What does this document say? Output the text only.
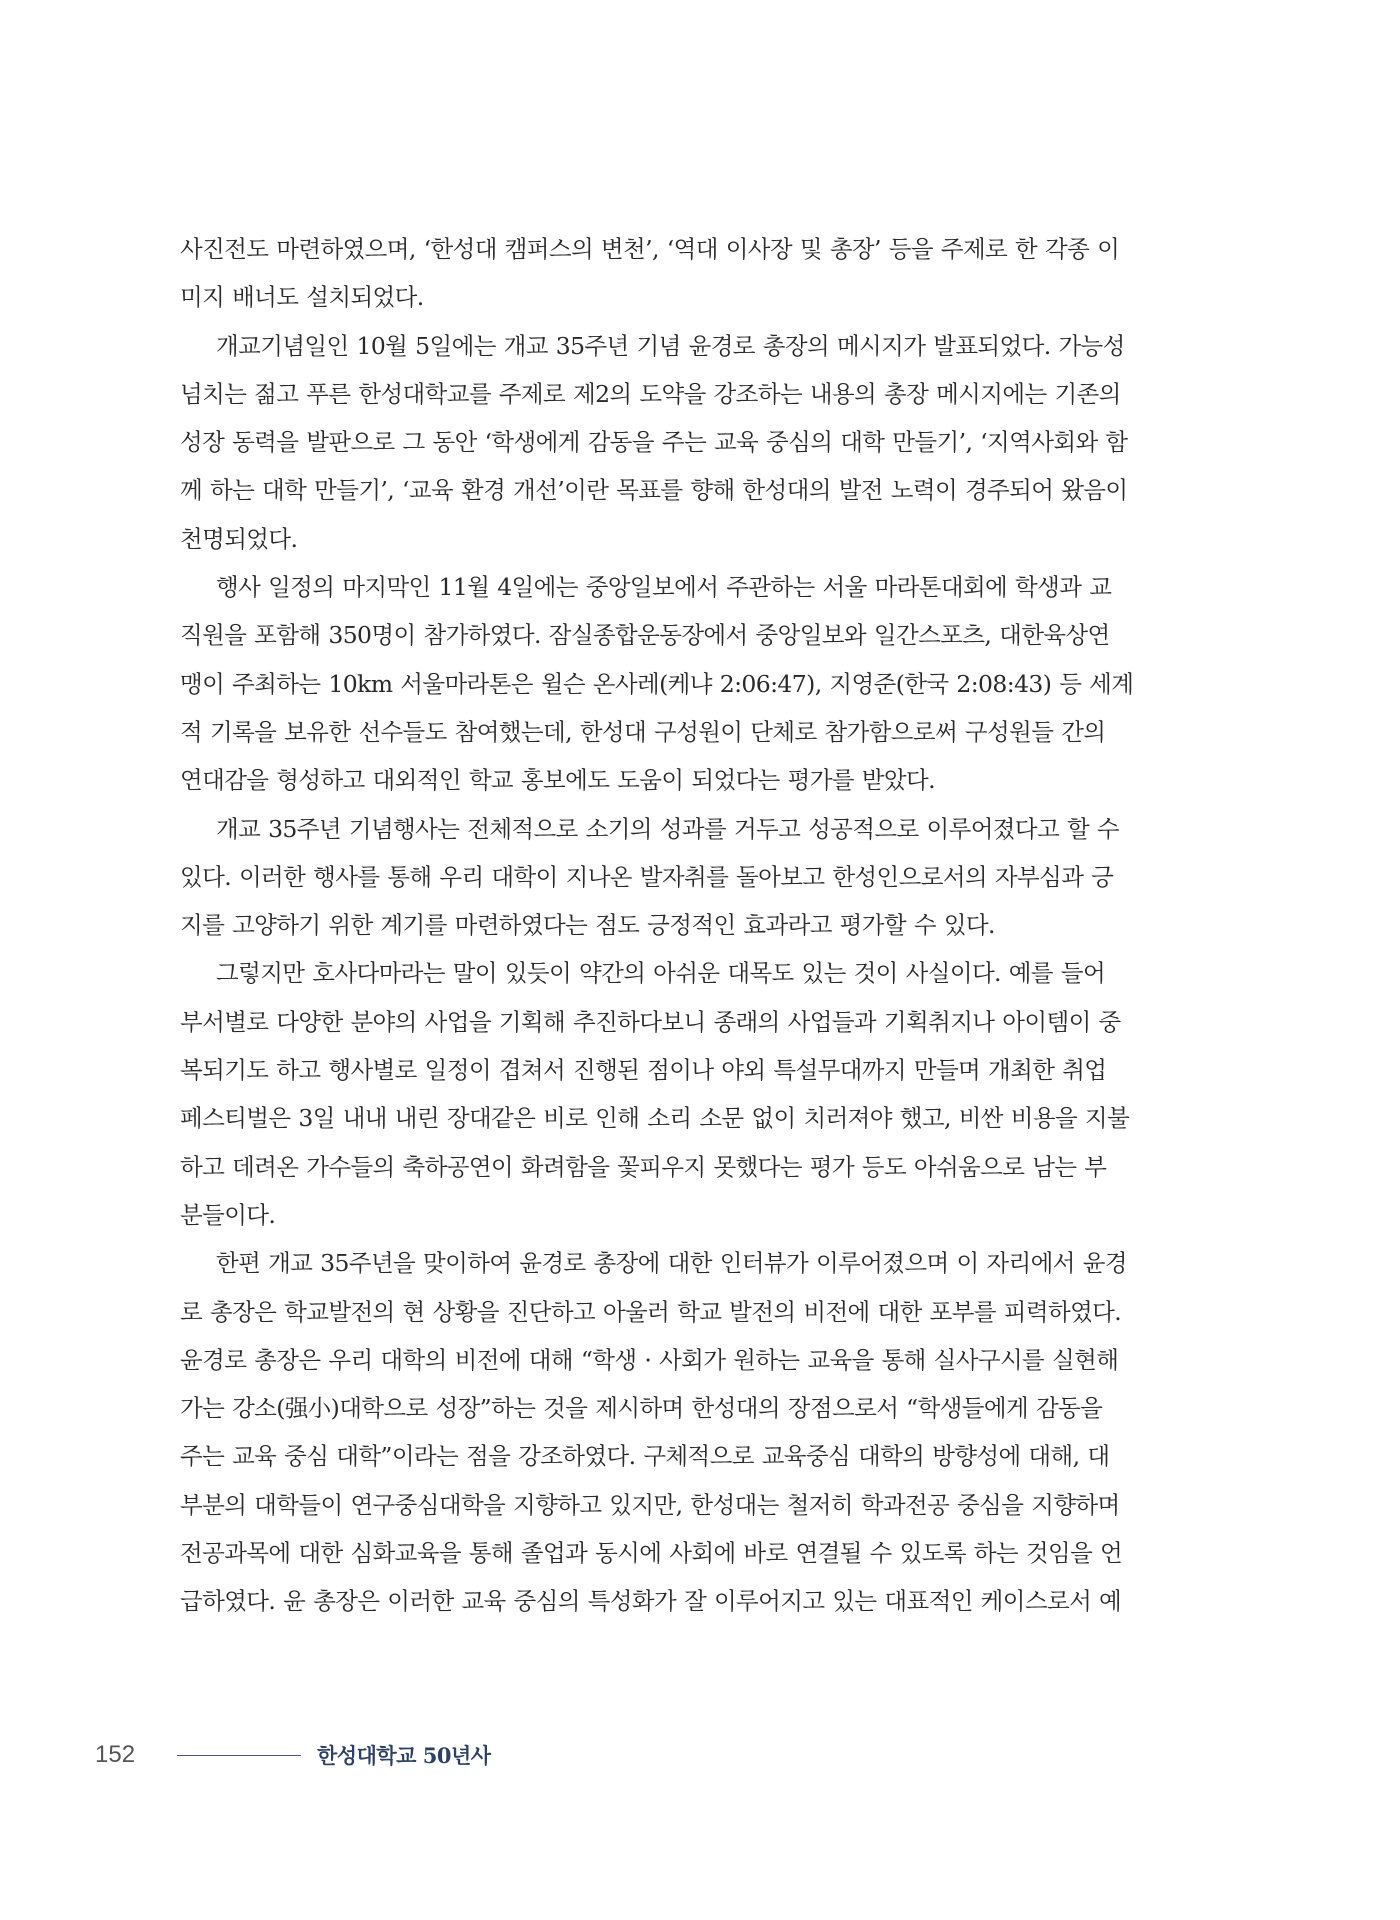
사진전도 마련하였으며, ‘한성대 캠퍼스의 변천’, ‘역대 이사장 및 총장’ 등을 주제로 한 각종 이
미지 배너도 설치되었다.

개교기념일인 10월 5일에는 개교 35주년 기념 윤경로 총장의 메시지가 발표되었다. 가능성
넘치는 젊고 푸른 한성대학교를 주제로 제2의 도약을 강조하는 내용의 총장 메시지에는 기존의
성장 동력을 발판으로 그 동안 ‘학생에게 감동을 주는 교육 중심의 대학 만들기’, ‘지역사회와 함
께 하는 대학 만들기’, ‘교육 환경 개선’이란 목표를 향해 한성대의 발전 노력이 경주되어 왔음이
천명되었다.

행사 일정의 마지막인 11월 4일에는 중앙일보에서 주관하는 서울 마라톤대회에 학생과 교
직원을 포함해 350명이 참가하였다. 잠실종합운동장에서 중앙일보와 일간스포츠, 대한육상연
맹이 주최하는 10km 서울마라톤은 윌슨 온사레(케냐 2:06:47), 지영준(한국 2:08:43) 등 세계
적 기록을 보유한 선수들도 참여했는데, 한성대 구성원이 단체로 참가함으로써 구성원들 간의
연대감을 형성하고 대외적인 학교 홍보에도 도움이 되었다는 평가를 받았다.

개교 35주년 기념행사는 전체적으로 소기의 성과를 거두고 성공적으로 이루어졌다고 할 수
있다. 이러한 행사를 통해 우리 대학이 지나온 발자취를 돌아보고 한성인으로서의 자부심과 긍
지를 고양하기 위한 계기를 마련하였다는 점도 긍정적인 효과라고 평가할 수 있다.

그렇지만 호사다마라는 말이 있듯이 약간의 아쉬운 대목도 있는 것이 사실이다. 예를 들어
부서별로 다양한 분야의 사업을 기획해 추진하다보니 종래의 사업들과 기획취지나 아이템이 중
복되기도 하고 행사별로 일정이 겹쳐서 진행된 점이나 야외 특설무대까지 만들며 개최한 취업
페스티벌은 3일 내내 내린 장대같은 비로 인해 소리 소문 없이 치러져야 했고, 비싼 비용을 지불
하고 데려온 가수들의 축하공연이 화려함을 꽃피우지 못했다는 평가 등도 아쉬움으로 남는 부
분들이다.

한편 개교 35주년을 맞이하여 윤경로 총장에 대한 인터뷰가 이루어졌으며 이 자리에서 윤경
로 총장은 학교발전의 현 상황을 진단하고 아울러 학교 발전의 비전에 대한 포부를 피력하였다.
윤경로 총장은 우리 대학의 비전에 대해 “학생 · 사회가 원하는 교육을 통해 실사구시를 실현해
가는 강소(强小)대학으로 성장”하는 것을 제시하며 한성대의 장점으로서 “학생들에게 감동을
주는 교육 중심 대학”이라는 점을 강조하였다. 구체적으로 교육중심 대학의 방향성에 대해, 대
부분의 대학들이 연구중심대학을 지향하고 있지만, 한성대는 철저히 학과전공 중심을 지향하며
전공과목에 대한 심화교육을 통해 졸업과 동시에 사회에 바로 연결될 수 있도록 하는 것임을 언
급하였다. 윤 총장은 이러한 교육 중심의 특성화가 잘 이루어지고 있는 대표적인 케이스로서 예

152	한성대학교 50년사
